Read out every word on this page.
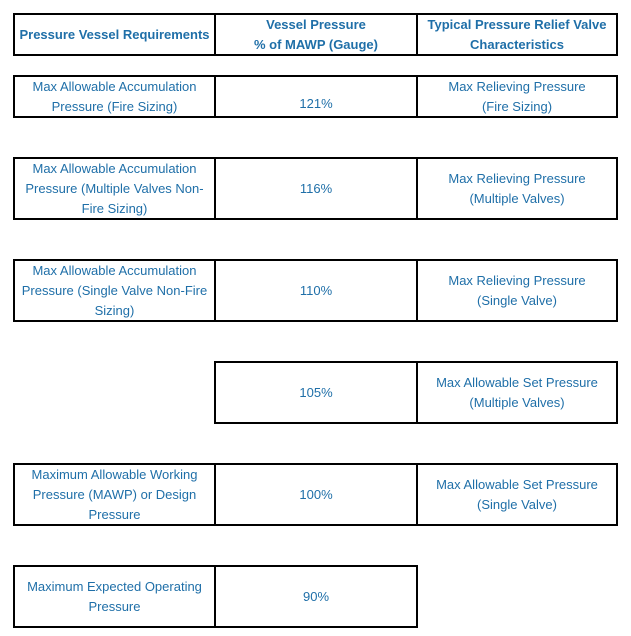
Pressure Vessel Requirements
Vessel Pressure
% of MAWP (Gauge)
Typical Pressure Relief Valve
Characteristics
Max Allowable Accumulation
Pressure (Fire Sizing)	121%
Max Relieving Pressure
(Fire Sizing)
Max Allowable Accumulation
Pressure (Multiple Valves Non-
Fire Sizing)
116%
Max Relieving Pressure
(Multiple Valves)
Max Allowable Accumulation
Pressure (Single Valve Non-Fire
Sizing)
110%
Max Relieving Pressure
(Single Valve)
105%
Max Allowable Set Pressure
(Multiple Valves)
Maximum Allowable Working
Pressure (MAWP) or Design
Pressure
100%
Max Allowable Set Pressure
(Single Valve)
Maximum Expected Operating
Pressure
90%
